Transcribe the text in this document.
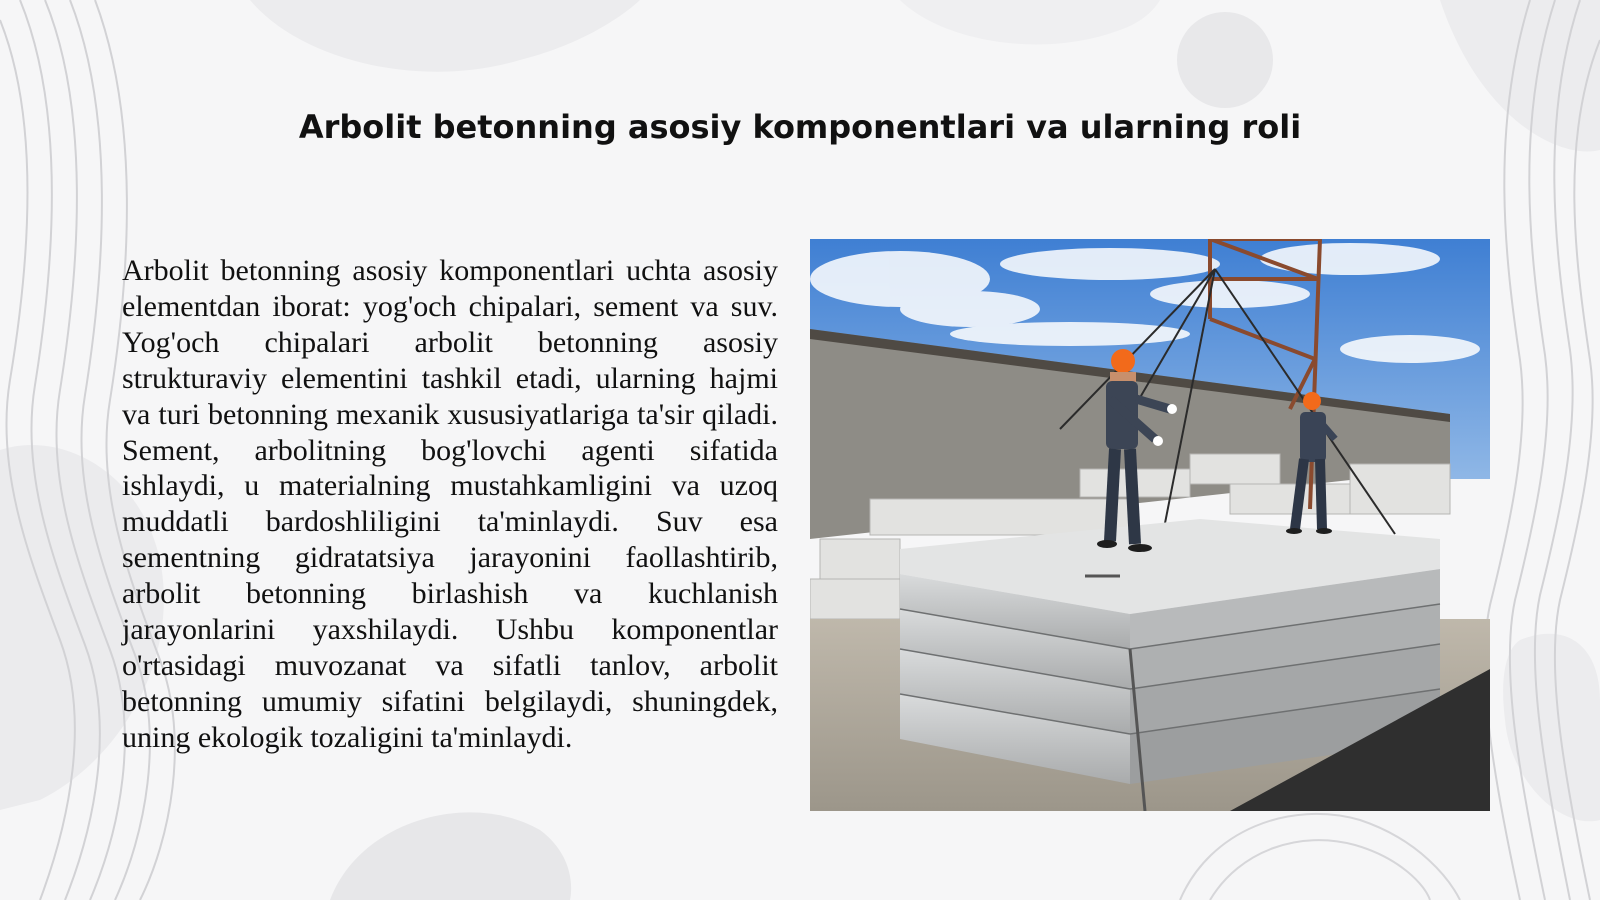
Arbolit betonning asosiy komponentlari va ularning roli

Arbolit betonning asosiy komponentlari uchta asosiy elementdan iborat: yog'och chipalari, sement va suv. Yog'och chipalari arbolit betonning asosiy strukturaviy elementini tashkil etadi, ularning hajmi va turi betonning mexanik xususiyatlariga ta'sir qiladi. Sement, arbolitning bog'lovchi agenti sifatida ishlaydi, u materialning mustahkamligini va uzoq muddatli bardoshliligini ta'minlaydi. Suv esa sementning gidratatsiya jarayonini faollashtirib, arbolit betonning birlashish va kuchlanish jarayonlarini yaxshilaydi. Ushbu komponentlar o'rtasidagi muvozanat va sifatli tanlov, arbolit betonning umumiy sifatini belgilaydi, shuningdek, uning ekologik tozaligini ta'minlaydi.
